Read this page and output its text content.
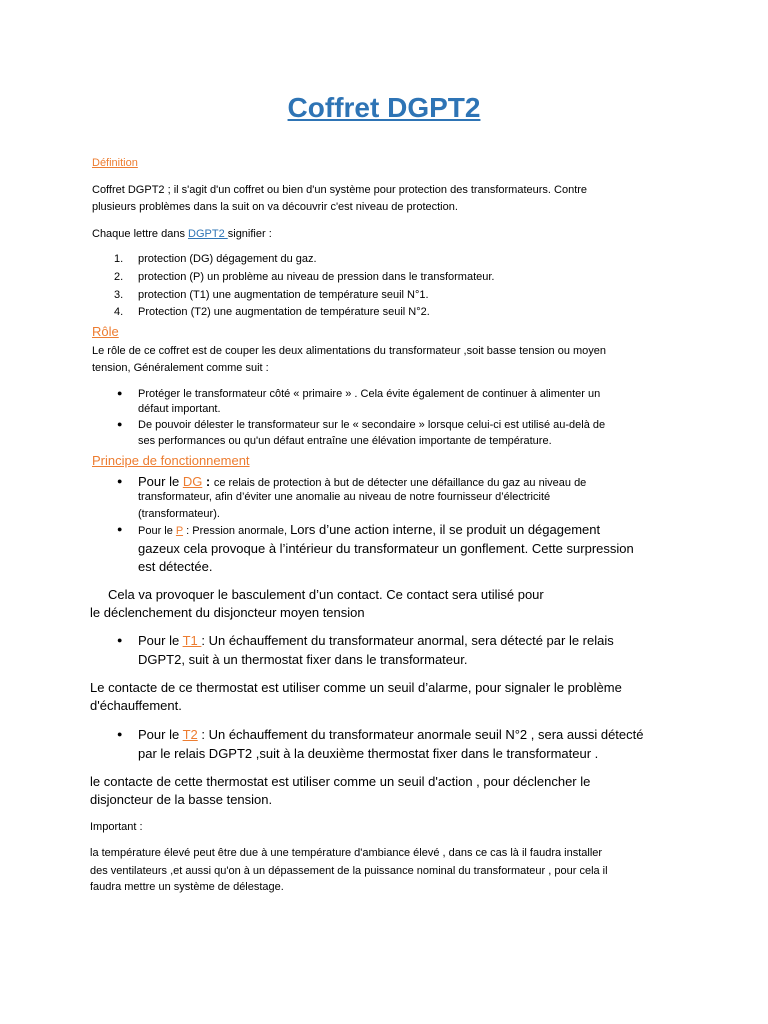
Coffret DGPT2
Définition
Coffret DGPT2 ; il s'agit d'un coffret ou bien d'un système pour protection des transformateurs. Contre
plusieurs problèmes dans la suit on va découvrir c'est niveau de protection.
Chaque lettre dans DGPT2 signifier :
1. protection (DG) dégagement du gaz.
2. protection (P) un problème au niveau de pression dans le transformateur.
3. protection (T1) une augmentation de température seuil N°1.
4. Protection (T2) une augmentation de température seuil N°2.
Rôle
Le rôle de ce coffret est de couper les deux alimentations du transformateur ,soit basse tension ou moyen
tension, Généralement comme suit :
● Protéger le transformateur côté « primaire » . Cela évite également de continuer à alimenter un
défaut important.
● De pouvoir délester le transformateur sur le « secondaire » lorsque celui-ci est utilisé au-delà de
ses performances ou qu'un défaut entraîne une élévation importante de température.
Principe de fonctionnement
● Pour le DG : ce relais de protection à but de détecter une défaillance du gaz au niveau de
transformateur, afin d’éviter une anomalie au niveau de notre fournisseur d’électricité
(transformateur).
● Pour le P : Pression anormale, Lors d’une action interne, il se produit un dégagement
gazeux cela provoque à l’intérieur du transformateur un gonflement. Cette surpression
est détectée.
Cela va provoquer le basculement d’un contact. Ce contact sera utilisé pour
le déclenchement du disjoncteur moyen tension
● Pour le T1 : Un échauffement du transformateur anormal, sera détecté par le relais
DGPT2, suit à un thermostat fixer dans le transformateur.
Le contacte de ce thermostat est utiliser comme un seuil d’alarme, pour signaler le problème
d'échauffement.
● Pour le T2 : Un échauffement du transformateur anormale seuil N°2 , sera aussi détecté
par le relais DGPT2 ,suit à la deuxième thermostat fixer dans le transformateur .
le contacte de cette thermostat est utiliser comme un seuil d'action , pour déclencher le
disjoncteur de la basse tension.
Important :
la température élevé peut être due à une température d'ambiance élevé , dans ce cas là il faudra installer
des ventilateurs ,et aussi qu'on à un dépassement de la puissance nominal du transformateur , pour cela il
faudra mettre un système de délestage.
